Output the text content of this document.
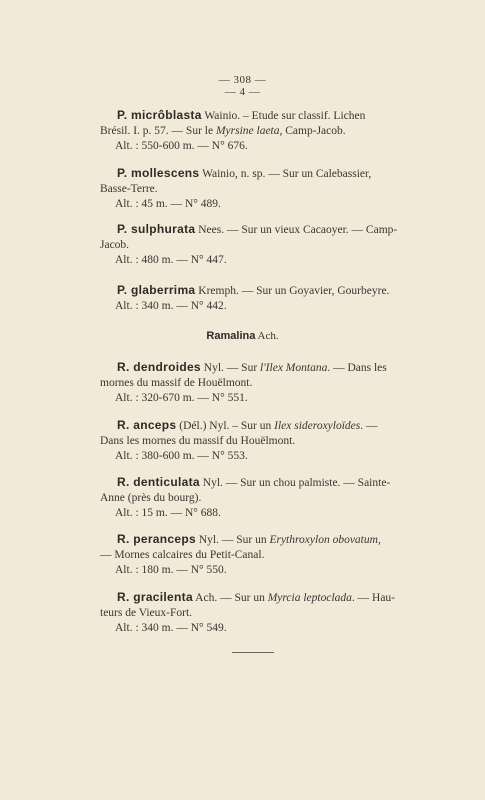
— 308 —
— 4 —
P. micrôblasta Wainio. – Etude sur classif. Lichen
Brésil. I. p. 57. — Sur le Myrsine laeta, Camp-Jacob.
Alt. : 550-600 m. — N° 676.
P. mollescens Wainio, n. sp. — Sur un Calebassier,
Basse-Terre.
Alt. : 45 m. — N° 489.
P. sulphurata Nees. — Sur un vieux Cacaoyer. — Camp-
Jacob.
Alt. : 480 m. — N° 447.
P. glaberrima Kremph. — Sur un Goyavier, Gourbeyre.
Alt. : 340 m. — N° 442.
Ramalina Ach.
R. dendroides Nyl. — Sur l'Ilex Montana. — Dans les
mornes du massif de Houëlmont.
Alt. : 320-670 m. — N° 551.
R. anceps (Dél.) Nyl. – Sur un Ilex sideroxyloïdes. —
Dans les mornes du massif du Houëlmont.
Alt. : 380-600 m. — N° 553.
R. denticulata Nyl. — Sur un chou palmiste. — Sainte-
Anne (près du bourg).
Alt. : 15 m. — N° 688.
R. peranceps Nyl. — Sur un Erythroxylon obovatum,
— Mornes calcaires du Petit-Canal.
Alt. : 180 m. — N° 550.
R. gracilenta Ach. — Sur un Myrcia leptoclada. — Hau-
teurs de Vieux-Fort.
Alt. : 340 m. — N° 549.
